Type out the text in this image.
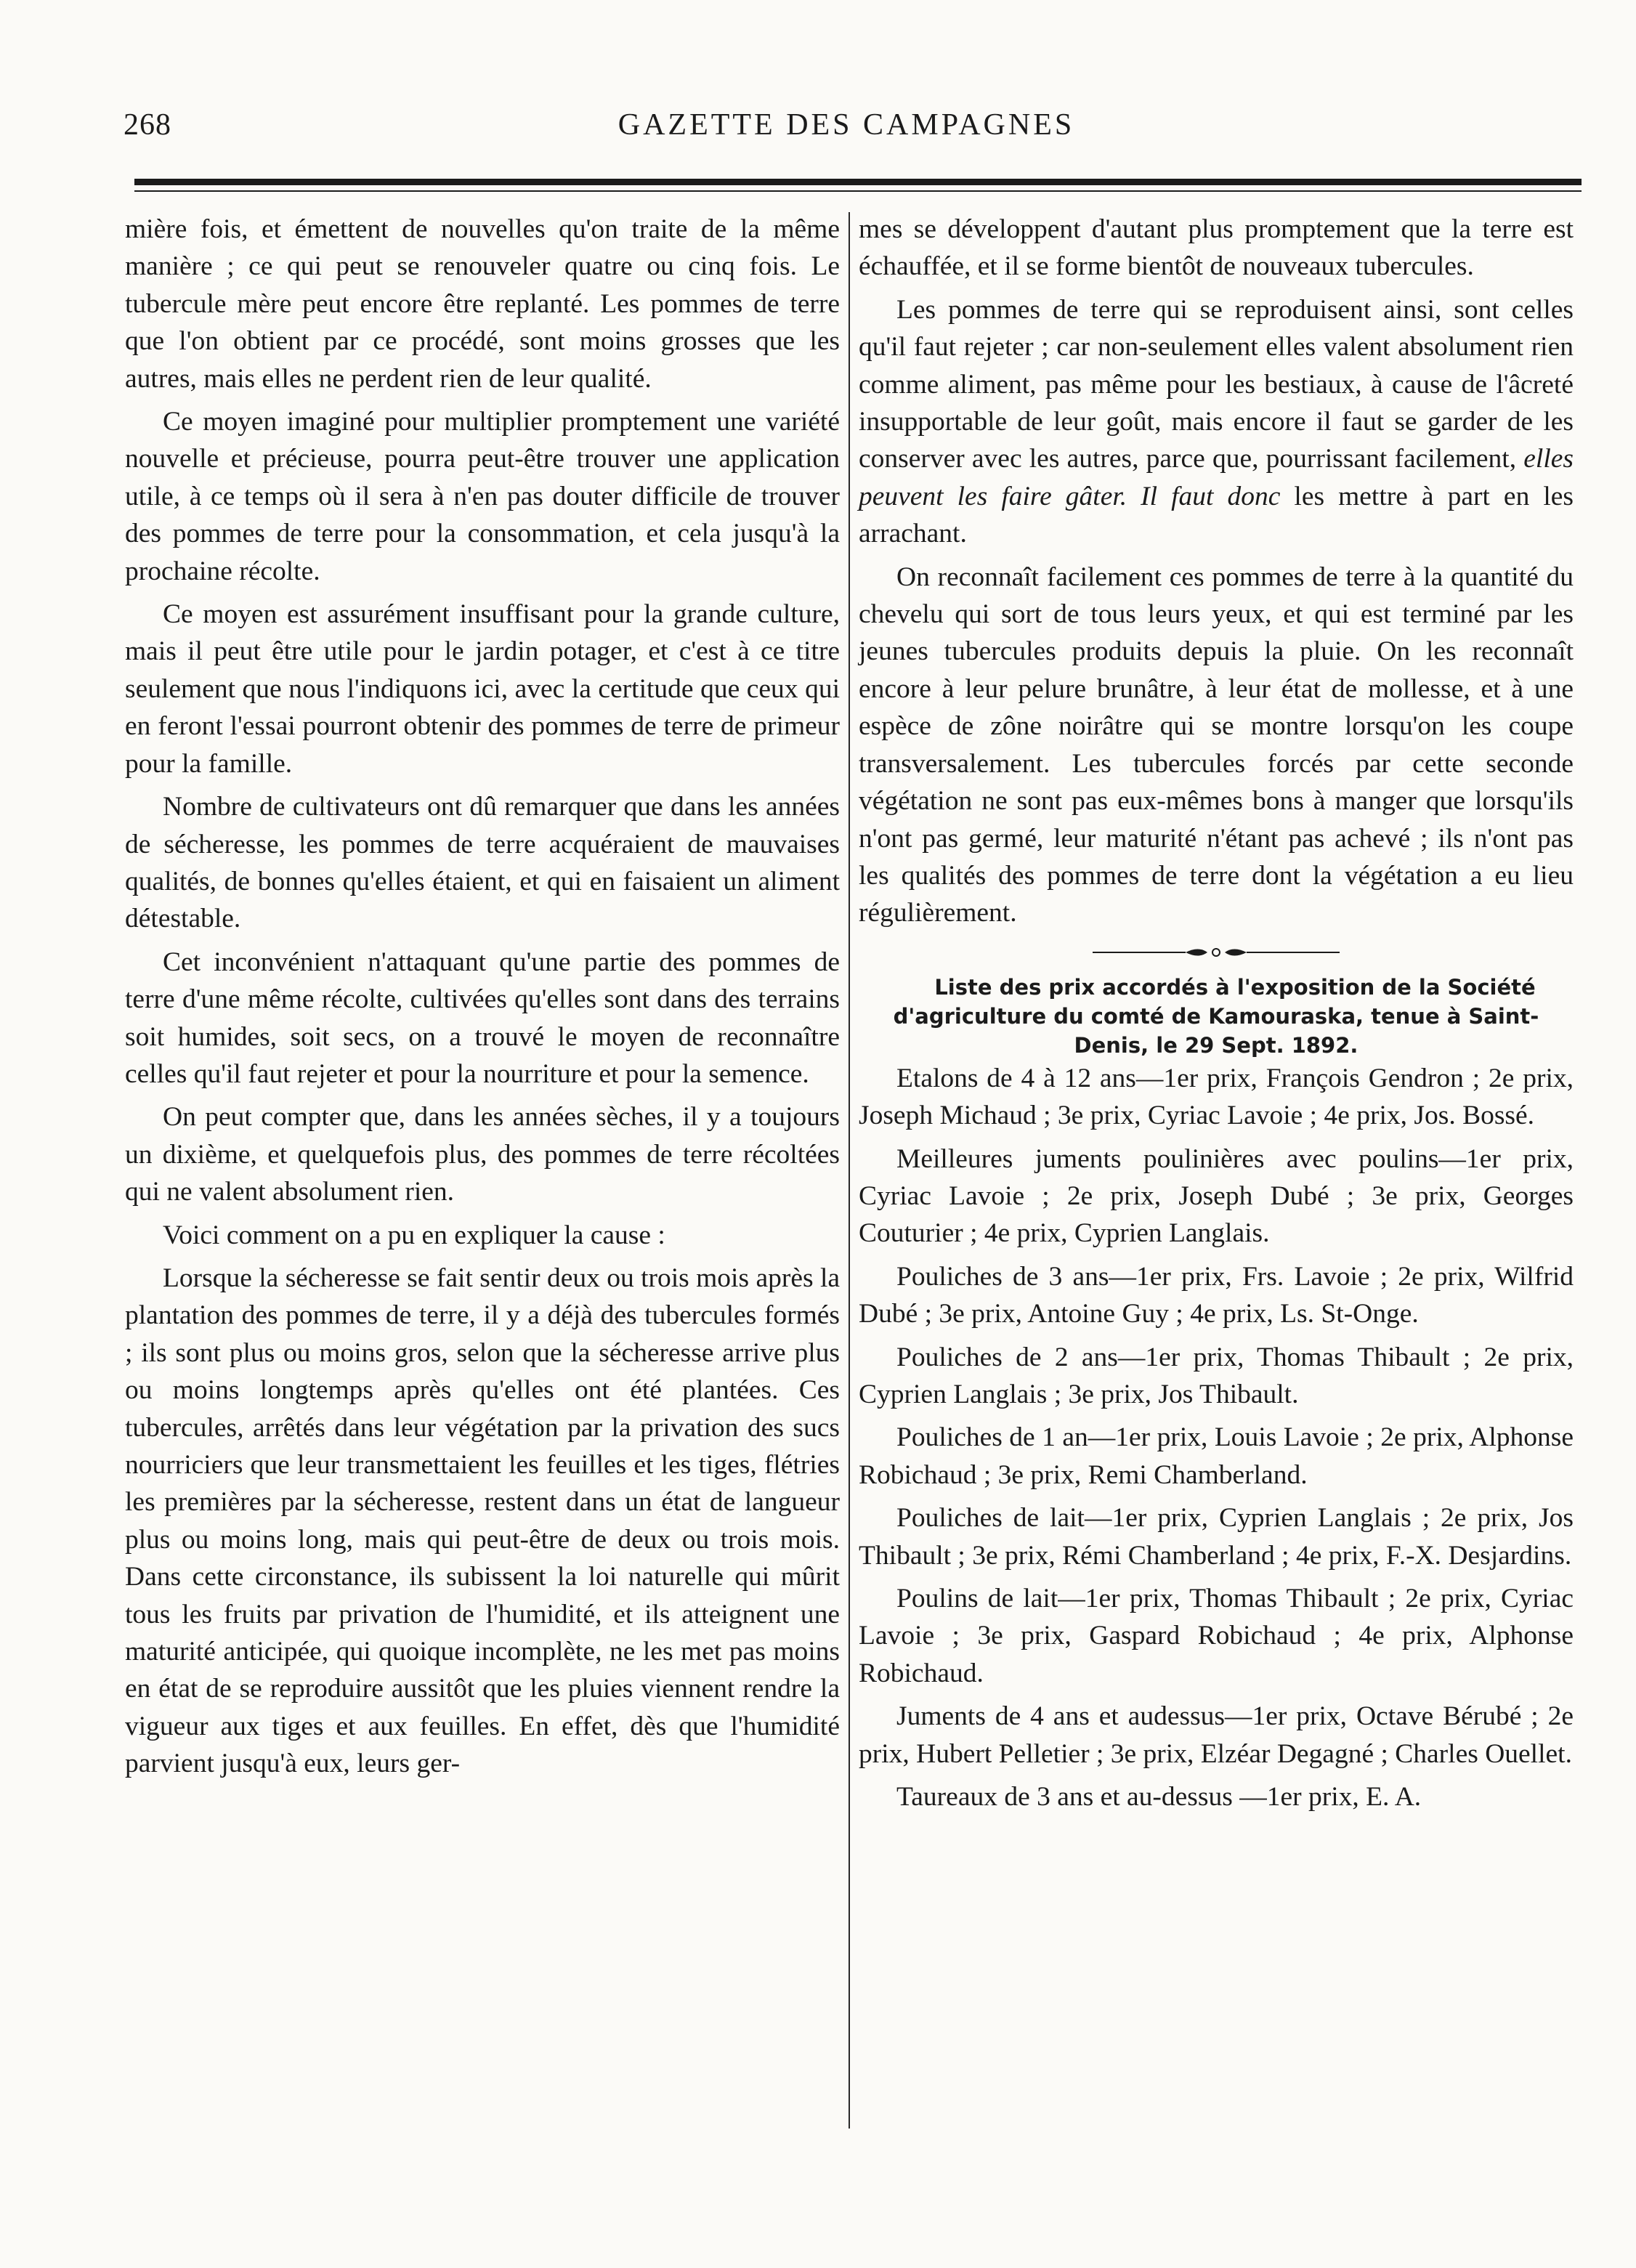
268	GAZETTE DES CAMPAGNES

mière fois, et émettent de nouvelles qu'on traite de la même manière ; ce qui peut se renouveler quatre ou cinq fois. Le tubercule mère peut encore être replanté. Les pommes de terre que l'on obtient par ce procédé, sont moins grosses que les autres, mais elles ne perdent rien de leur qualité.

Ce moyen imaginé pour multiplier promptement une variété nouvelle et précieuse, pourra peut-être trouver une application utile, à ce temps où il sera à n'en pas douter difficile de trouver des pommes de terre pour la consommation, et cela jusqu'à la prochaine récolte.

Ce moyen est assurément insuffisant pour la grande culture, mais il peut être utile pour le jardin potager, et c'est à ce titre seulement que nous l'indiquons ici, avec la certitude que ceux qui en feront l'essai pourront obtenir des pommes de terre de primeur pour la famille.

Nombre de cultivateurs ont dû remarquer que dans les années de sécheresse, les pommes de terre acquéraient de mauvaises qualités, de bonnes qu'elles étaient, et qui en faisaient un aliment détestable.

Cet inconvénient n'attaquant qu'une partie des pommes de terre d'une même récolte, cultivées qu'elles sont dans des terrains soit humides, soit secs, on a trouvé le moyen de reconnaître celles qu'il faut rejeter et pour la nourriture et pour la semence.

On peut compter que, dans les années sèches, il y a toujours un dixième, et quelquefois plus, des pommes de terre récoltées qui ne valent absolument rien.

Voici comment on a pu en expliquer la cause :

Lorsque la sécheresse se fait sentir deux ou trois mois après la plantation des pommes de terre, il y a déjà des tubercules formés ; ils sont plus ou moins gros, selon que la sécheresse arrive plus ou moins longtemps après qu'elles ont été plantées. Ces tubercules, arrêtés dans leur végétation par la privation des sucs nourriciers que leur transmettaient les feuilles et les tiges, flétries les premières par la sécheresse, restent dans un état de langueur plus ou moins long, mais qui peut-être de deux ou trois mois. Dans cette circonstance, ils subissent la loi naturelle qui mûrit tous les fruits par privation de l'humidité, et ils atteignent une maturité anticipée, qui quoique incomplète, ne les met pas moins en état de se reproduire aussitôt que les pluies viennent rendre la vigueur aux tiges et aux feuilles. En effet, dès que l'humidité parvient jusqu'à eux, leurs ger-

mes se développent d'autant plus promptement que la terre est échauffée, et il se forme bientôt de nouveaux tubercules.

Les pommes de terre qui se reproduisent ainsi, sont celles qu'il faut rejeter ; car non-seulement elles valent absolument rien comme aliment, pas même pour les bestiaux, à cause de l'âcreté insupportable de leur goût, mais encore il faut se garder de les conserver avec les autres, parce que, pourrissant facilement, elles peuvent les faire gâter. Il faut donc les mettre à part en les arrachant.

On reconnaît facilement ces pommes de terre à la quantité du chevelu qui sort de tous leurs yeux, et qui est terminé par les jeunes tubercules produits depuis la pluie. On les reconnaît encore à leur pelure brunâtre, à leur état de mollesse, et à une espèce de zône noirâtre qui se montre lorsqu'on les coupe transversalement. Les tubercules forcés par cette seconde végétation ne sont pas eux-mêmes bons à manger que lorsqu'ils n'ont pas germé, leur maturité n'étant pas achevé ; ils n'ont pas les qualités des pommes de terre dont la végétation a eu lieu régulièrement.

Liste des prix accordés à l'exposition de la Société d'agriculture du comté de Kamouraska, tenue à Saint-Denis, le 29 Sept. 1892.

Etalons de 4 à 12 ans—1er prix, François Gendron ; 2e prix, Joseph Michaud ; 3e prix, Cyriac Lavoie ; 4e prix, Jos. Bossé.

Meilleures juments poulinières avec poulins—1er prix, Cyriac Lavoie ; 2e prix, Joseph Dubé ; 3e prix, Georges Couturier ; 4e prix, Cyprien Langlais.

Pouliches de 3 ans—1er prix, Frs. Lavoie ; 2e prix, Wilfrid Dubé ; 3e prix, Antoine Guy ; 4e prix, Ls. St-Onge.

Pouliches de 2 ans—1er prix, Thomas Thibault ; 2e prix, Cyprien Langlais ; 3e prix, Jos Thibault.

Pouliches de 1 an—1er prix, Louis Lavoie ; 2e prix, Alphonse Robichaud ; 3e prix, Remi Chamberland.

Pouliches de lait—1er prix, Cyprien Langlais ; 2e prix, Jos Thibault ; 3e prix, Rémi Chamberland ; 4e prix, F.-X. Desjardins.

Poulins de lait—1er prix, Thomas Thibault ; 2e prix, Cyriac Lavoie ; 3e prix, Gaspard Robichaud ; 4e prix, Alphonse Robichaud.

Juments de 4 ans et audessus—1er prix, Octave Bérubé ; 2e prix, Hubert Pelletier ; 3e prix, Elzéar Degagné ; Charles Ouellet.

Taureaux de 3 ans et au-dessus —1er prix, E. A.
